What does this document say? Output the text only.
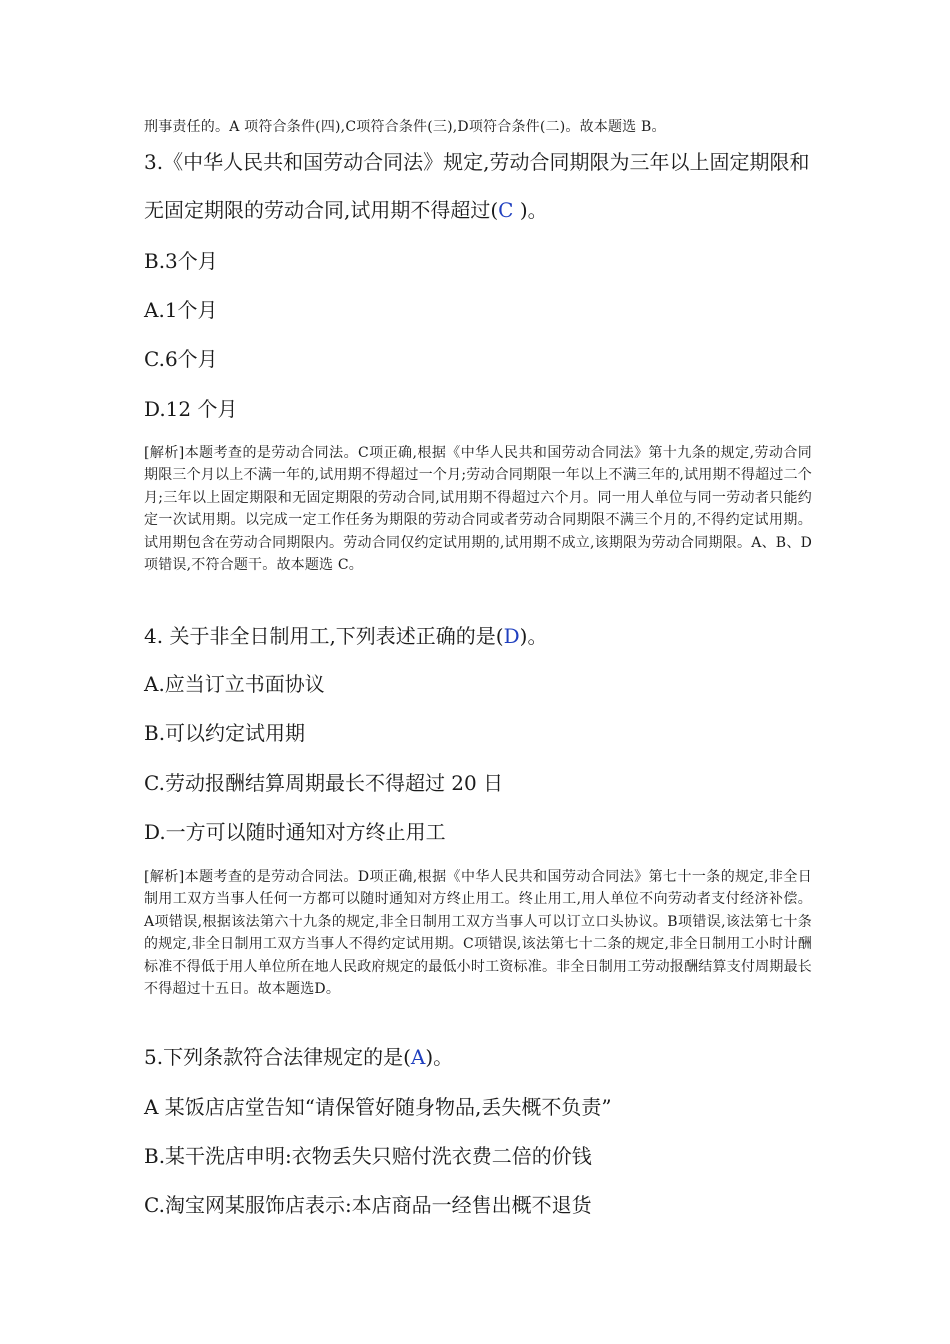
刑事责任的。A 项符合条件(四),C项符合条件(三),D项符合条件(二)。故本题选 B。
3.《中华人民共和国劳动合同法》规定,劳动合同期限为三年以上固定期限和无固定期限的劳动合同,试用期不得超过(C )。
B.3个月
A.1个月
C.6个月
D.12 个月
[解析]本题考查的是劳动合同法。C项正确,根据《中华人民共和国劳动合同法》第十九条的规定,劳动合同期限三个月以上不满一年的,试用期不得超过一个月;劳动合同期限一年以上不满三年的,试用期不得超过二个月;三年以上固定期限和无固定期限的劳动合同,试用期不得超过六个月。同一用人单位与同一劳动者只能约定一次试用期。以完成一定工作任务为期限的劳动合同或者劳动合同期限不满三个月的,不得约定试用期。试用期包含在劳动合同期限内。劳动合同仅约定试用期的,试用期不成立,该期限为劳动合同期限。A、B、D项错误,不符合题干。故本题选 C。
4. 关于非全日制用工,下列表述正确的是(D)。
A.应当订立书面协议
B.可以约定试用期
C.劳动报酬结算周期最长不得超过 20 日
D.一方可以随时通知对方终止用工
[解析]本题考查的是劳动合同法。D项正确,根据《中华人民共和国劳动合同法》第七十一条的规定,非全日制用工双方当事人任何一方都可以随时通知对方终止用工。终止用工,用人单位不向劳动者支付经济补偿。A项错误,根据该法第六十九条的规定,非全日制用工双方当事人可以订立口头协议。B项错误,该法第七十条的规定,非全日制用工双方当事人不得约定试用期。C项错误,该法第七十二条的规定,非全日制用工小时计酬标准不得低于用人单位所在地人民政府规定的最低小时工资标准。非全日制用工劳动报酬结算支付周期最长不得超过十五日。故本题选D。
5.下列条款符合法律规定的是(A)。
A 某饭店店堂告知“请保管好随身物品,丢失概不负责”
B.某干洗店申明:衣物丢失只赔付洗衣费二倍的价钱
C.淘宝网某服饰店表示:本店商品一经售出概不退货
